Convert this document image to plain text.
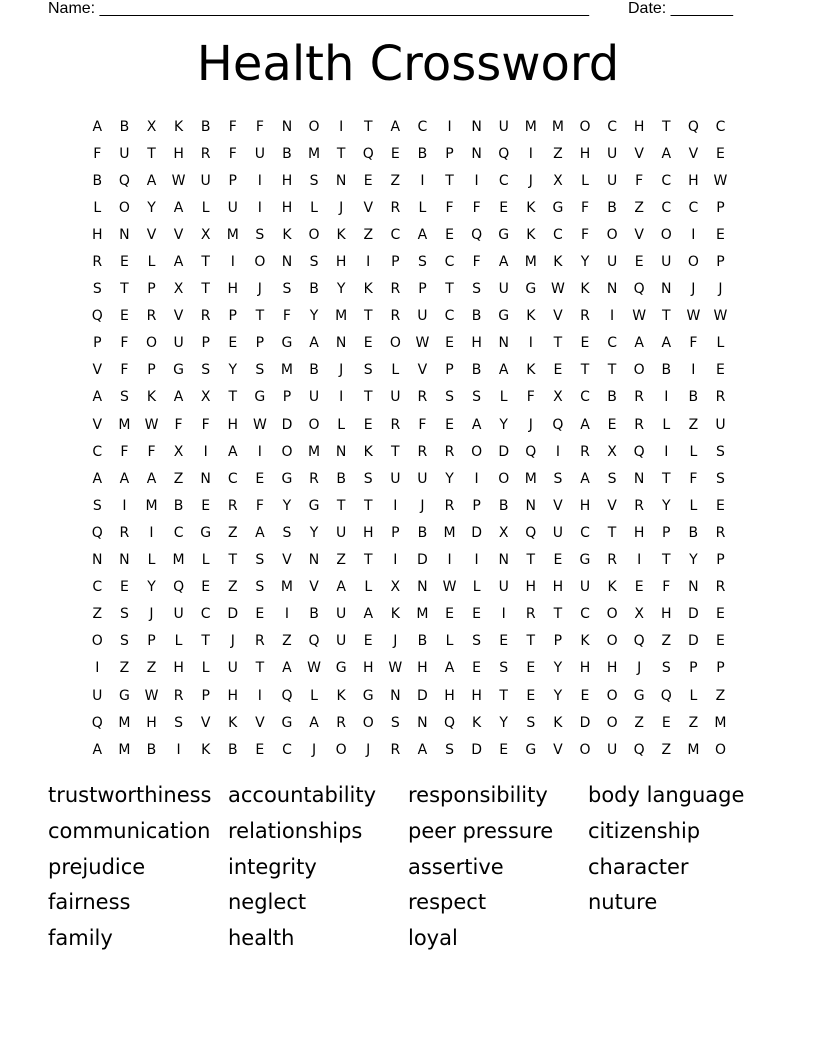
Name: _______________________________________________________ Date: _______
Health Crossword
A	B	X	K	B	F	F	N	O	I	T	A	C	I	N	U	M	M	O	C	H	T	Q	C
F	U	T	H	R	F	U	B	M	T	Q	E	B	P	N	Q	I	Z	H	U	V	A	V	E
B	Q	A	W	U	P	I	H	S	N	E	Z	I	T	I	C	J	X	L	U	F	C	H	W
L	O	Y	A	L	U	I	H	L	J	V	R	L	F	F	E	K	G	F	B	Z	C	C	P
H	N	V	V	X	M	S	K	O	K	Z	C	A	E	Q	G	K	C	F	O	V	O	I	E
R	E	L	A	T	I	O	N	S	H	I	P	S	C	F	A	M	K	Y	U	E	U	O	P
S	T	P	X	T	H	J	S	B	Y	K	R	P	T	S	U	G	W	K	N	Q	N	J	J
Q	E	R	V	R	P	T	F	Y	M	T	R	U	C	B	G	K	V	R	I	W	T	W W
P	F	O	U	P	E	P	G	A	N	E	O	W	E	H	N	I	T	E	C	A	A	F	L
V	F	P	G	S	Y	S	M	B	J	S	L	V	P	B	A	K	E	T	T	O	B	I	E
A	S	K	A	X	T	G	P	U	I	T	U	R	S	S	L	F	X	C	B	R	I	B	R
V	M W	F	F	H	W	D	O	L	E	R	F	E	A	Y	J	Q	A	E	R	L	Z	U
C	F	F	X	I	A	I	O	M	N	K	T	R	R	O	D	Q	I	R	X	Q	I	L	S
A	A	A	Z	N	C	E	G	R	B	S	U	U	Y	I	O	M	S	A	S	N	T	F	S
S	I	M	B	E	R	F	Y	G	T	T	I	J	R	P	B	N	V	H	V	R	Y	L	E
Q	R	I	C	G	Z	A	S	Y	U	H	P	B	M	D	X	Q	U	C	T	H	P	B	R
N	N	L	M	L	T	S	V	N	Z	T	I	D	I	I	N	T	E	G	R	I	T	Y	P
C	E	Y	Q	E	Z	S	M	V	A	L	X	N	W	L	U	H	H	U	K	E	F	N	R
Z	S	J	U	C	D	E	I	B	U	A	K	M	E	E	I	R	T	C	O	X	H	D	E
O	S	P	L	T	J	R	Z	Q	U	E	J	B	L	S	E	T	P	K	O	Q	Z	D	E
I	Z	Z	H	L	U	T	A	W	G	H	W	H	A	E	S	E	Y	H	H	J	S	P	P
U	G	W	R	P	H	I	Q	L	K	G	N	D	H	H	T	E	Y	E	O	G	Q	L	Z
Q	M	H	S	V	K	V	G	A	R	O	S	N	Q	K	Y	S	K	D	O	Z	E	Z	M
A	M	B	I	K	B	E	C	J	O	J	R	A	S	D	E	G	V	O	U	Q	Z	M	O
trustworthiness accountability	responsibility	body language
communication relationships	peer pressure	citizenship
prejudice	integrity	assertive	character
fairness	neglect	respect	nuture
family	health	loyal
